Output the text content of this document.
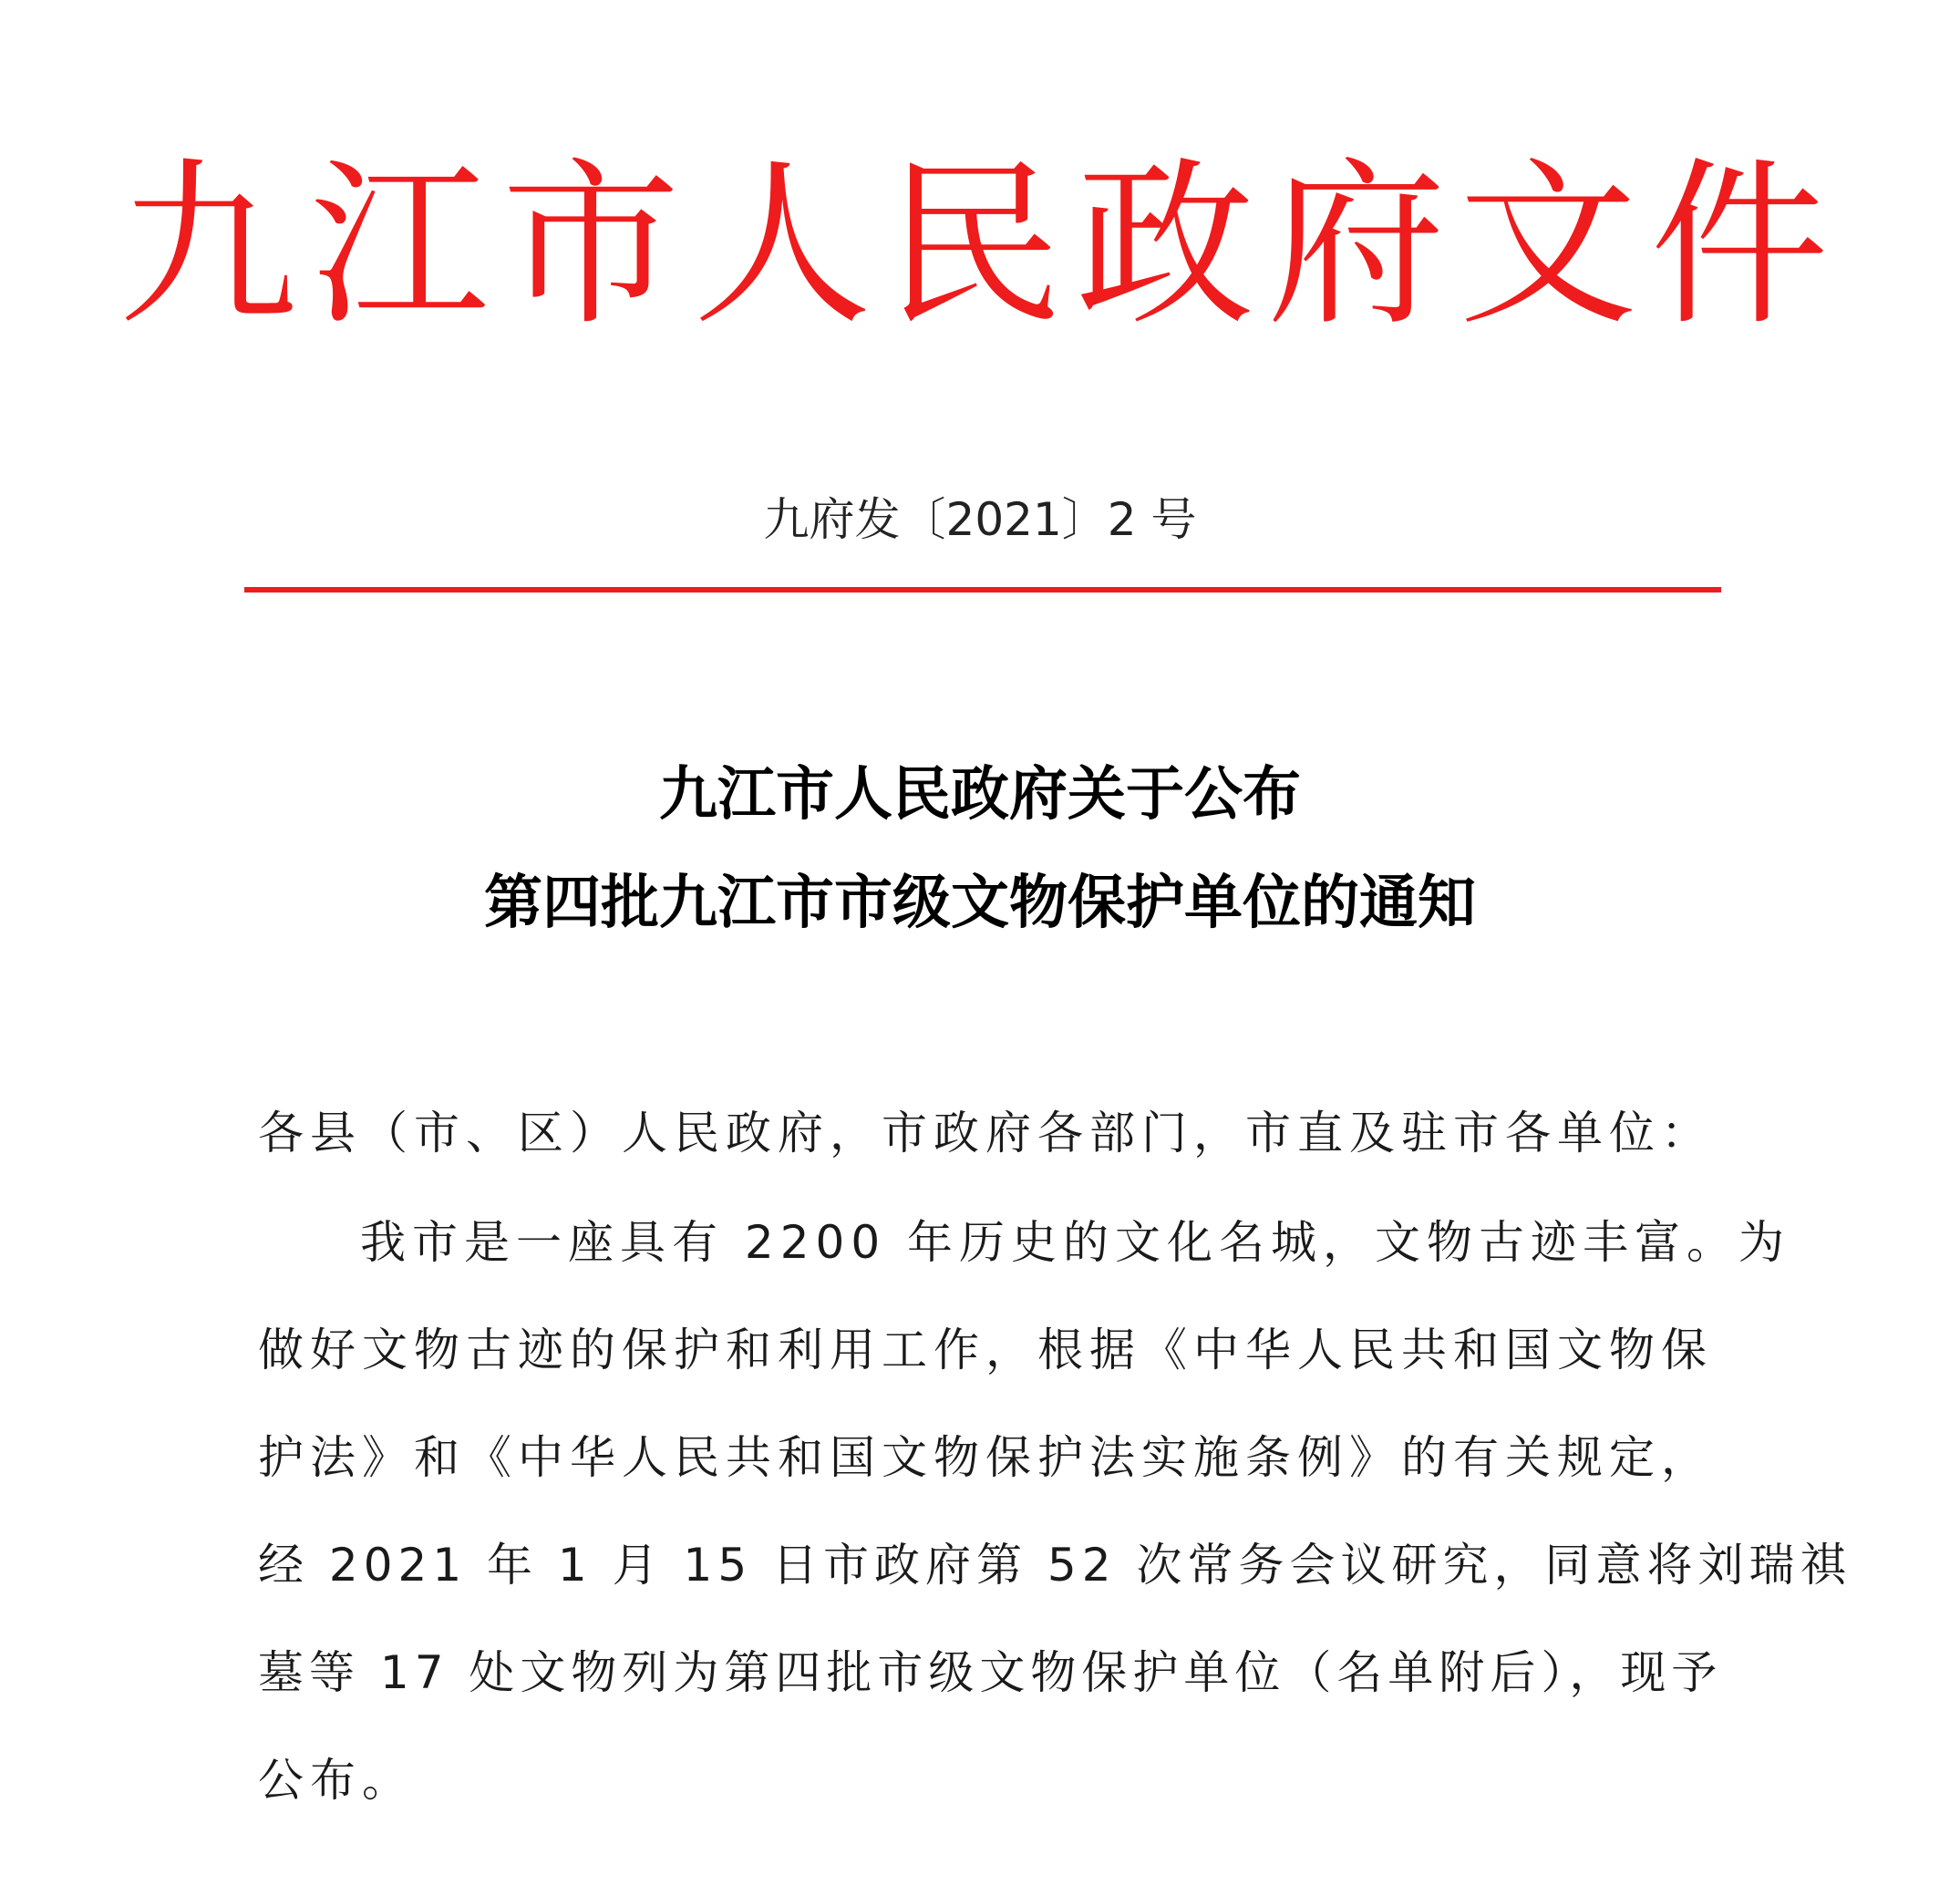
九江市人民政府文件
九府发〔2021〕2 号
九江市人民政府关于公布
第四批九江市市级文物保护单位的通知
各县（市、区）人民政府，市政府各部门，市直及驻市各单位：
我市是一座具有 2200 年历史的文化名城，文物古迹丰富。为
做好文物古迹的保护和利用工作，根据《中华人民共和国文物保
护法》和《中华人民共和国文物保护法实施条例》的有关规定，
经 2021 年 1 月 15 日市政府第 52 次常务会议研究，同意将刘瑞祺
墓等 17 处文物列为第四批市级文物保护单位（名单附后），现予
公布。
